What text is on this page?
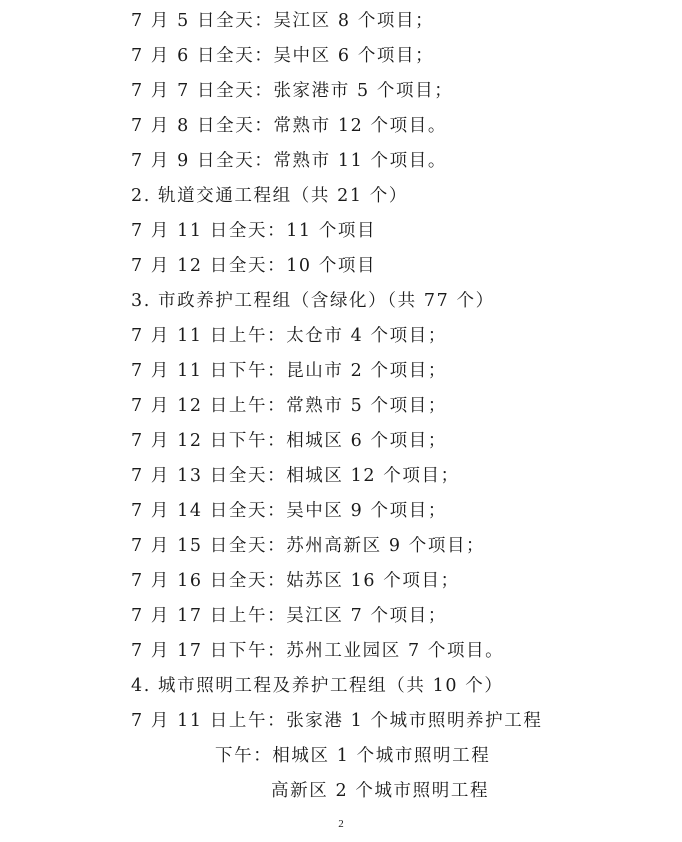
7 月 5 日全天：吴江区 8 个项目；
7 月 6 日全天：吴中区 6 个项目；
7 月 7 日全天：张家港市 5 个项目；
7 月 8 日全天：常熟市 12 个项目。
7 月 9 日全天：常熟市 11 个项目。
2. 轨道交通工程组（共 21 个）
7 月 11 日全天：11 个项目
7 月 12 日全天：10 个项目
3. 市政养护工程组（含绿化）（共 77 个）
7 月 11 日上午：太仓市 4 个项目；
7 月 11 日下午：昆山市 2 个项目；
7 月 12 日上午：常熟市 5 个项目；
7 月 12 日下午：相城区 6 个项目；
7 月 13 日全天：相城区 12 个项目；
7 月 14 日全天：吴中区 9 个项目；
7 月 15 日全天：苏州高新区 9 个项目；
7 月 16 日全天：姑苏区 16 个项目；
7 月 17 日上午：吴江区 7 个项目；
7 月 17 日下午：苏州工业园区 7 个项目。
4. 城市照明工程及养护工程组（共 10 个）
7 月 11 日上午：张家港 1 个城市照明养护工程
下午：相城区 1 个城市照明工程
高新区 2 个城市照明工程
2
